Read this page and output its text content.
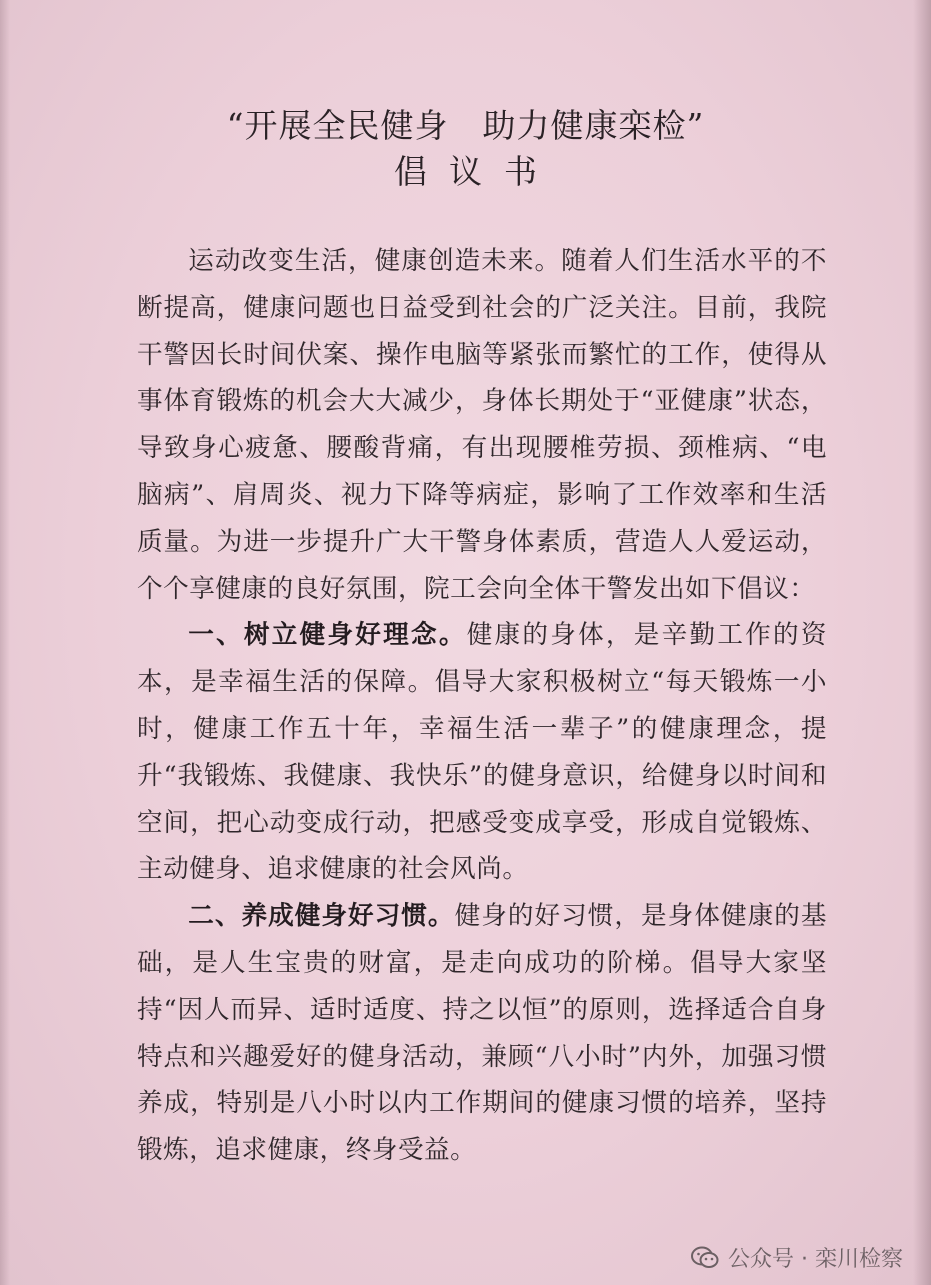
“开展全民健身　助力健康栾检”
倡议书

运动改变生活，健康创造未来。随着人们生活水平的不断提高，健康问题也日益受到社会的广泛关注。目前，我院干警因长时间伏案、操作电脑等紧张而繁忙的工作，使得从事体育锻炼的机会大大减少，身体长期处于“亚健康”状态，导致身心疲惫、腰酸背痛，有出现腰椎劳损、颈椎病、“电脑病”、肩周炎、视力下降等病症，影响了工作效率和生活质量。为进一步提升广大干警身体素质，营造人人爱运动，个个享健康的良好氛围，院工会向全体干警发出如下倡议：

一、树立健身好理念。健康的身体，是辛勤工作的资本，是幸福生活的保障。倡导大家积极树立“每天锻炼一小时，健康工作五十年，幸福生活一辈子”的健康理念，提升“我锻炼、我健康、我快乐”的健身意识，给健身以时间和空间，把心动变成行动，把感受变成享受，形成自觉锻炼、主动健身、追求健康的社会风尚。

二、养成健身好习惯。健身的好习惯，是身体健康的基础，是人生宝贵的财富，是走向成功的阶梯。倡导大家坚持“因人而异、适时适度、持之以恒”的原则，选择适合自身特点和兴趣爱好的健身活动，兼顾“八小时”内外，加强习惯养成，特别是八小时以内工作期间的健康习惯的培养，坚持锻炼，追求健康，终身受益。

公众号 · 栾川检察
